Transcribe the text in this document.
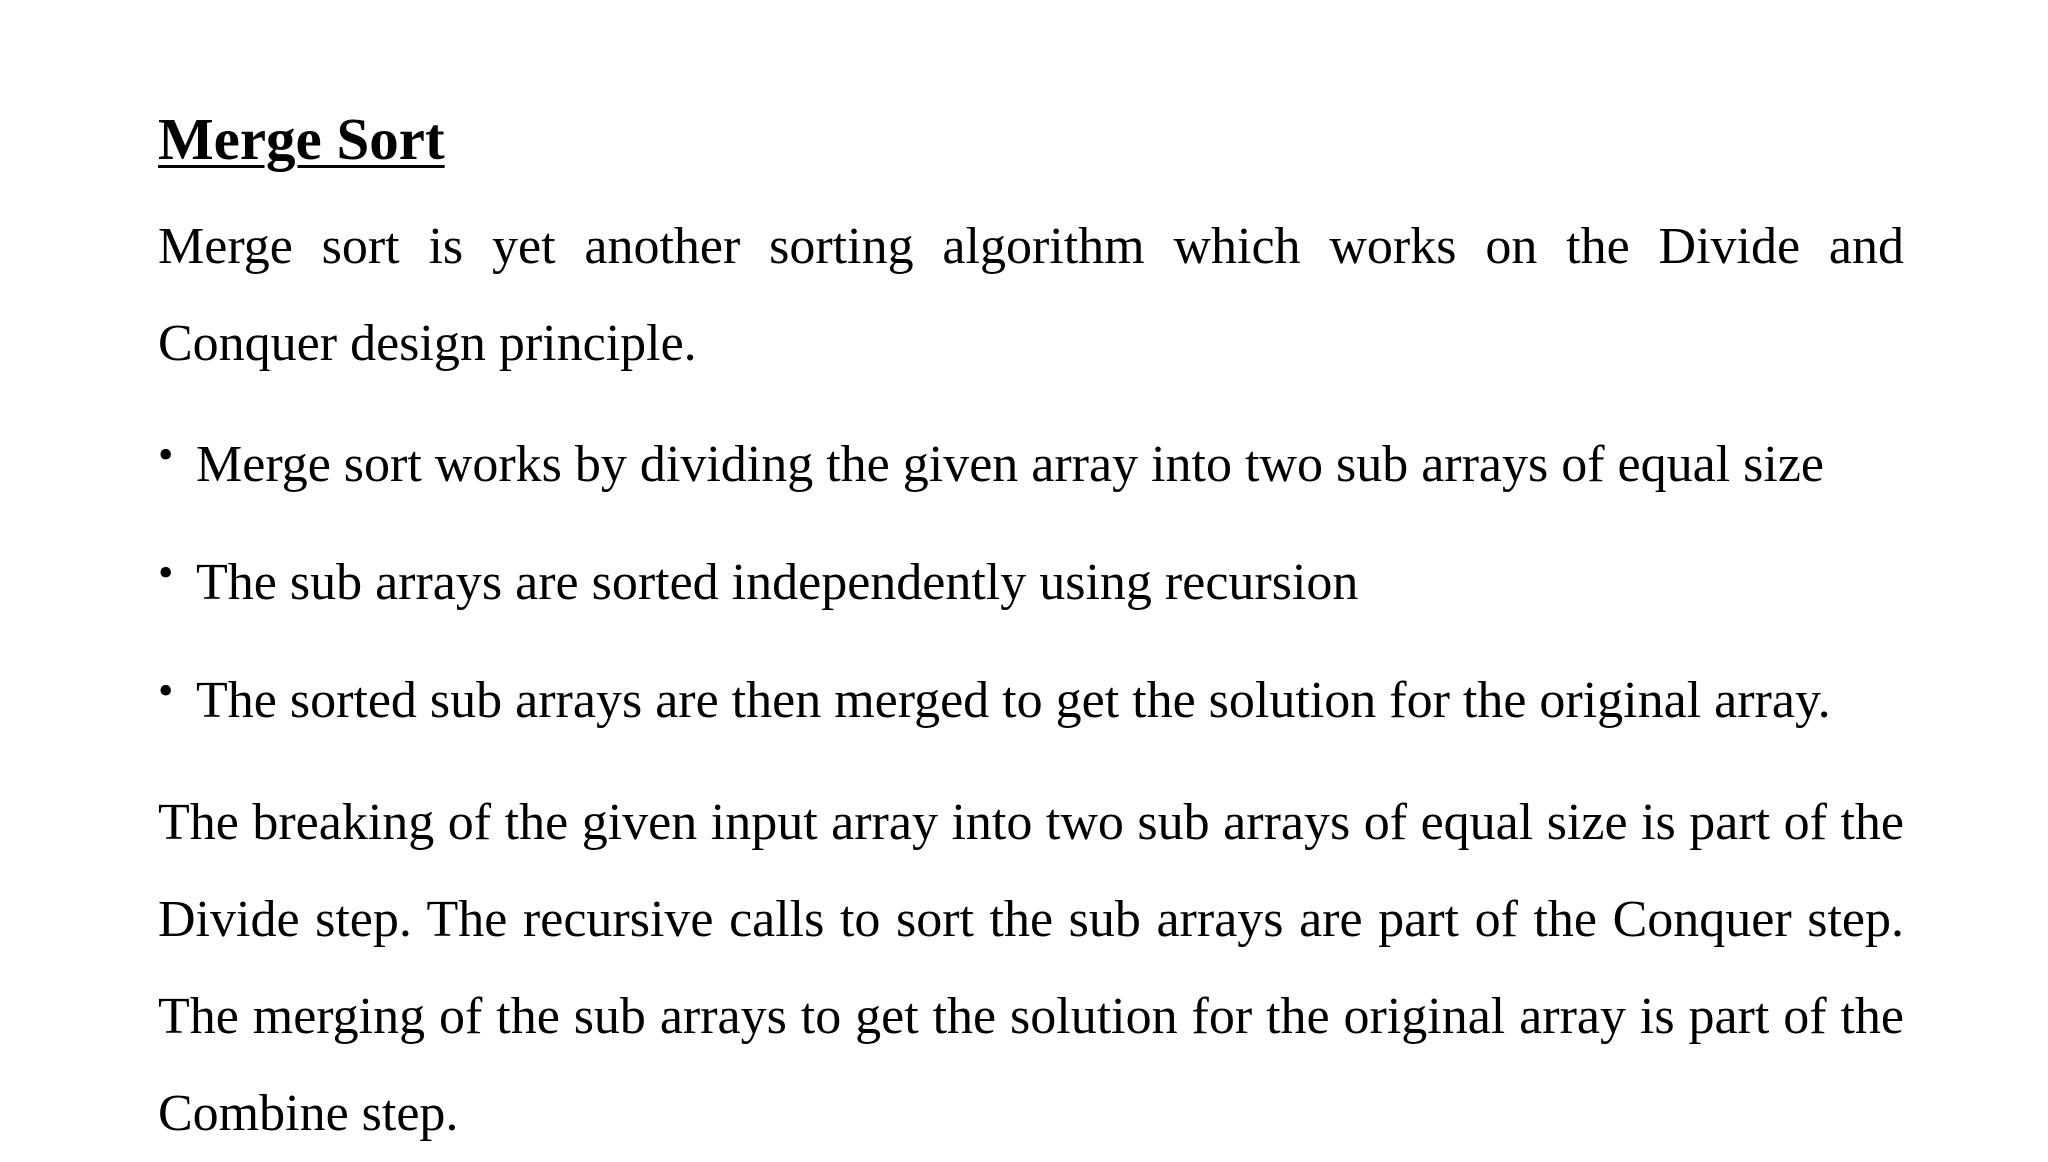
Merge Sort

Merge sort is yet another sorting algorithm which works on the Divide and Conquer design principle.

• Merge sort works by dividing the given array into two sub arrays of equal size
• The sub arrays are sorted independently using recursion
• The sorted sub arrays are then merged to get the solution for the original array.

The breaking of the given input array into two sub arrays of equal size is part of the Divide step. The recursive calls to sort the sub arrays are part of the Conquer step. The merging of the sub arrays to get the solution for the original array is part of the Combine step.
